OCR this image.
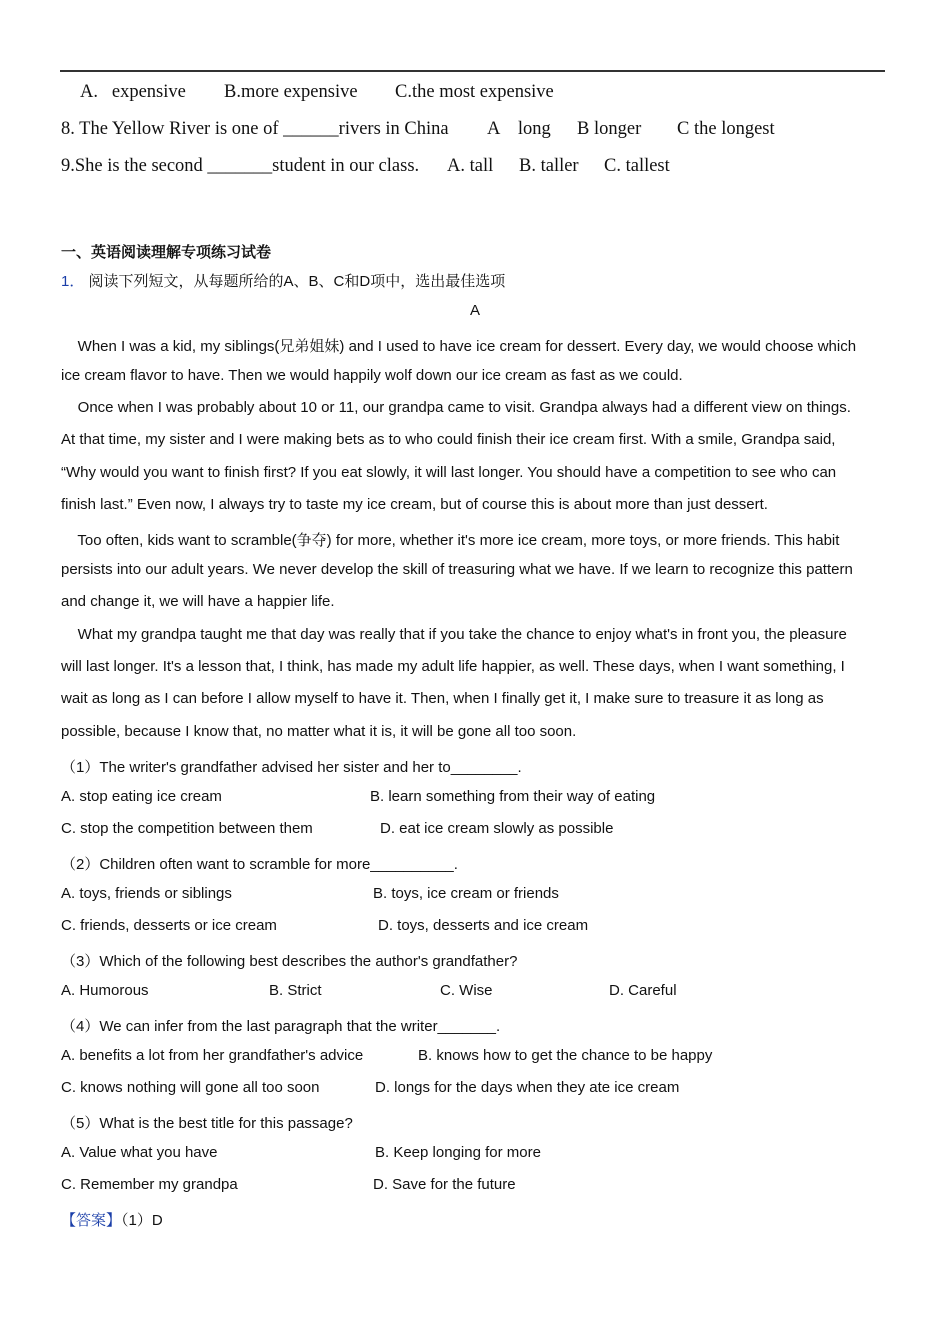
A.   expensive B.more expensive C.the most expensive
8. The Yellow River is one of ______rivers in China A    long B longer C the longest
9.She is the second _______student in our class. A. tall B. taller C. tallest
一、英语阅读理解专项练习试卷
1． 阅读下列短文，从每题所给的A、B、C和D项中，选出最佳选项
A
When I was a kid, my siblings(兄弟姐妹) and I used to have ice cream for dessert. Every day, we would choose which
ice cream flavor to have. Then we would happily wolf down our ice cream as fast as we could.
Once when I was probably about 10 or 11, our grandpa came to visit. Grandpa always had a different view on things.
At that time, my sister and I were making bets as to who could finish their ice cream first. With a smile, Grandpa said,
“Why would you want to finish first? If you eat slowly, it will last longer. You should have a competition to see who can
finish last.” Even now, I always try to taste my ice cream, but of course this is about more than just dessert.
Too often, kids want to scramble(争夺) for more, whether it's more ice cream, more toys, or more friends. This habit
persists into our adult years. We never develop the skill of treasuring what we have. If we learn to recognize this pattern
and change it, we will have a happier life.
What my grandpa taught me that day was really that if you take the chance to enjoy what's in front you, the pleasure
will last longer. It's a lesson that, I think, has made my adult life happier, as well. These days, when I want something, I
wait as long as I can before I allow myself to have it. Then, when I finally get it, I make sure to treasure it as long as
possible, because I know that, no matter what it is, it will be gone all too soon.
（1）The writer's grandfather advised her sister and her to________.
A. stop eating ice cream	B. learn something from their way of eating
C. stop the competition between them	D. eat ice cream slowly as possible
（2）Children often want to scramble for more__________.
A. toys, friends or siblings	B. toys, ice cream or friends
C. friends, desserts or ice cream	D. toys, desserts and ice cream
（3）Which of the following best describes the author's grandfather?
A. Humorous	B. Strict	C. Wise	D. Careful
（4）We can infer from the last paragraph that the writer_______.
A. benefits a lot from her grandfather's advice	B. knows how to get the chance to be happy
C. knows nothing will gone all too soon	D. longs for the days when they ate ice cream
（5）What is the best title for this passage?
A. Value what you have	B. Keep longing for more
C. Remember my grandpa	D. Save for the future
【答案】（1）D
